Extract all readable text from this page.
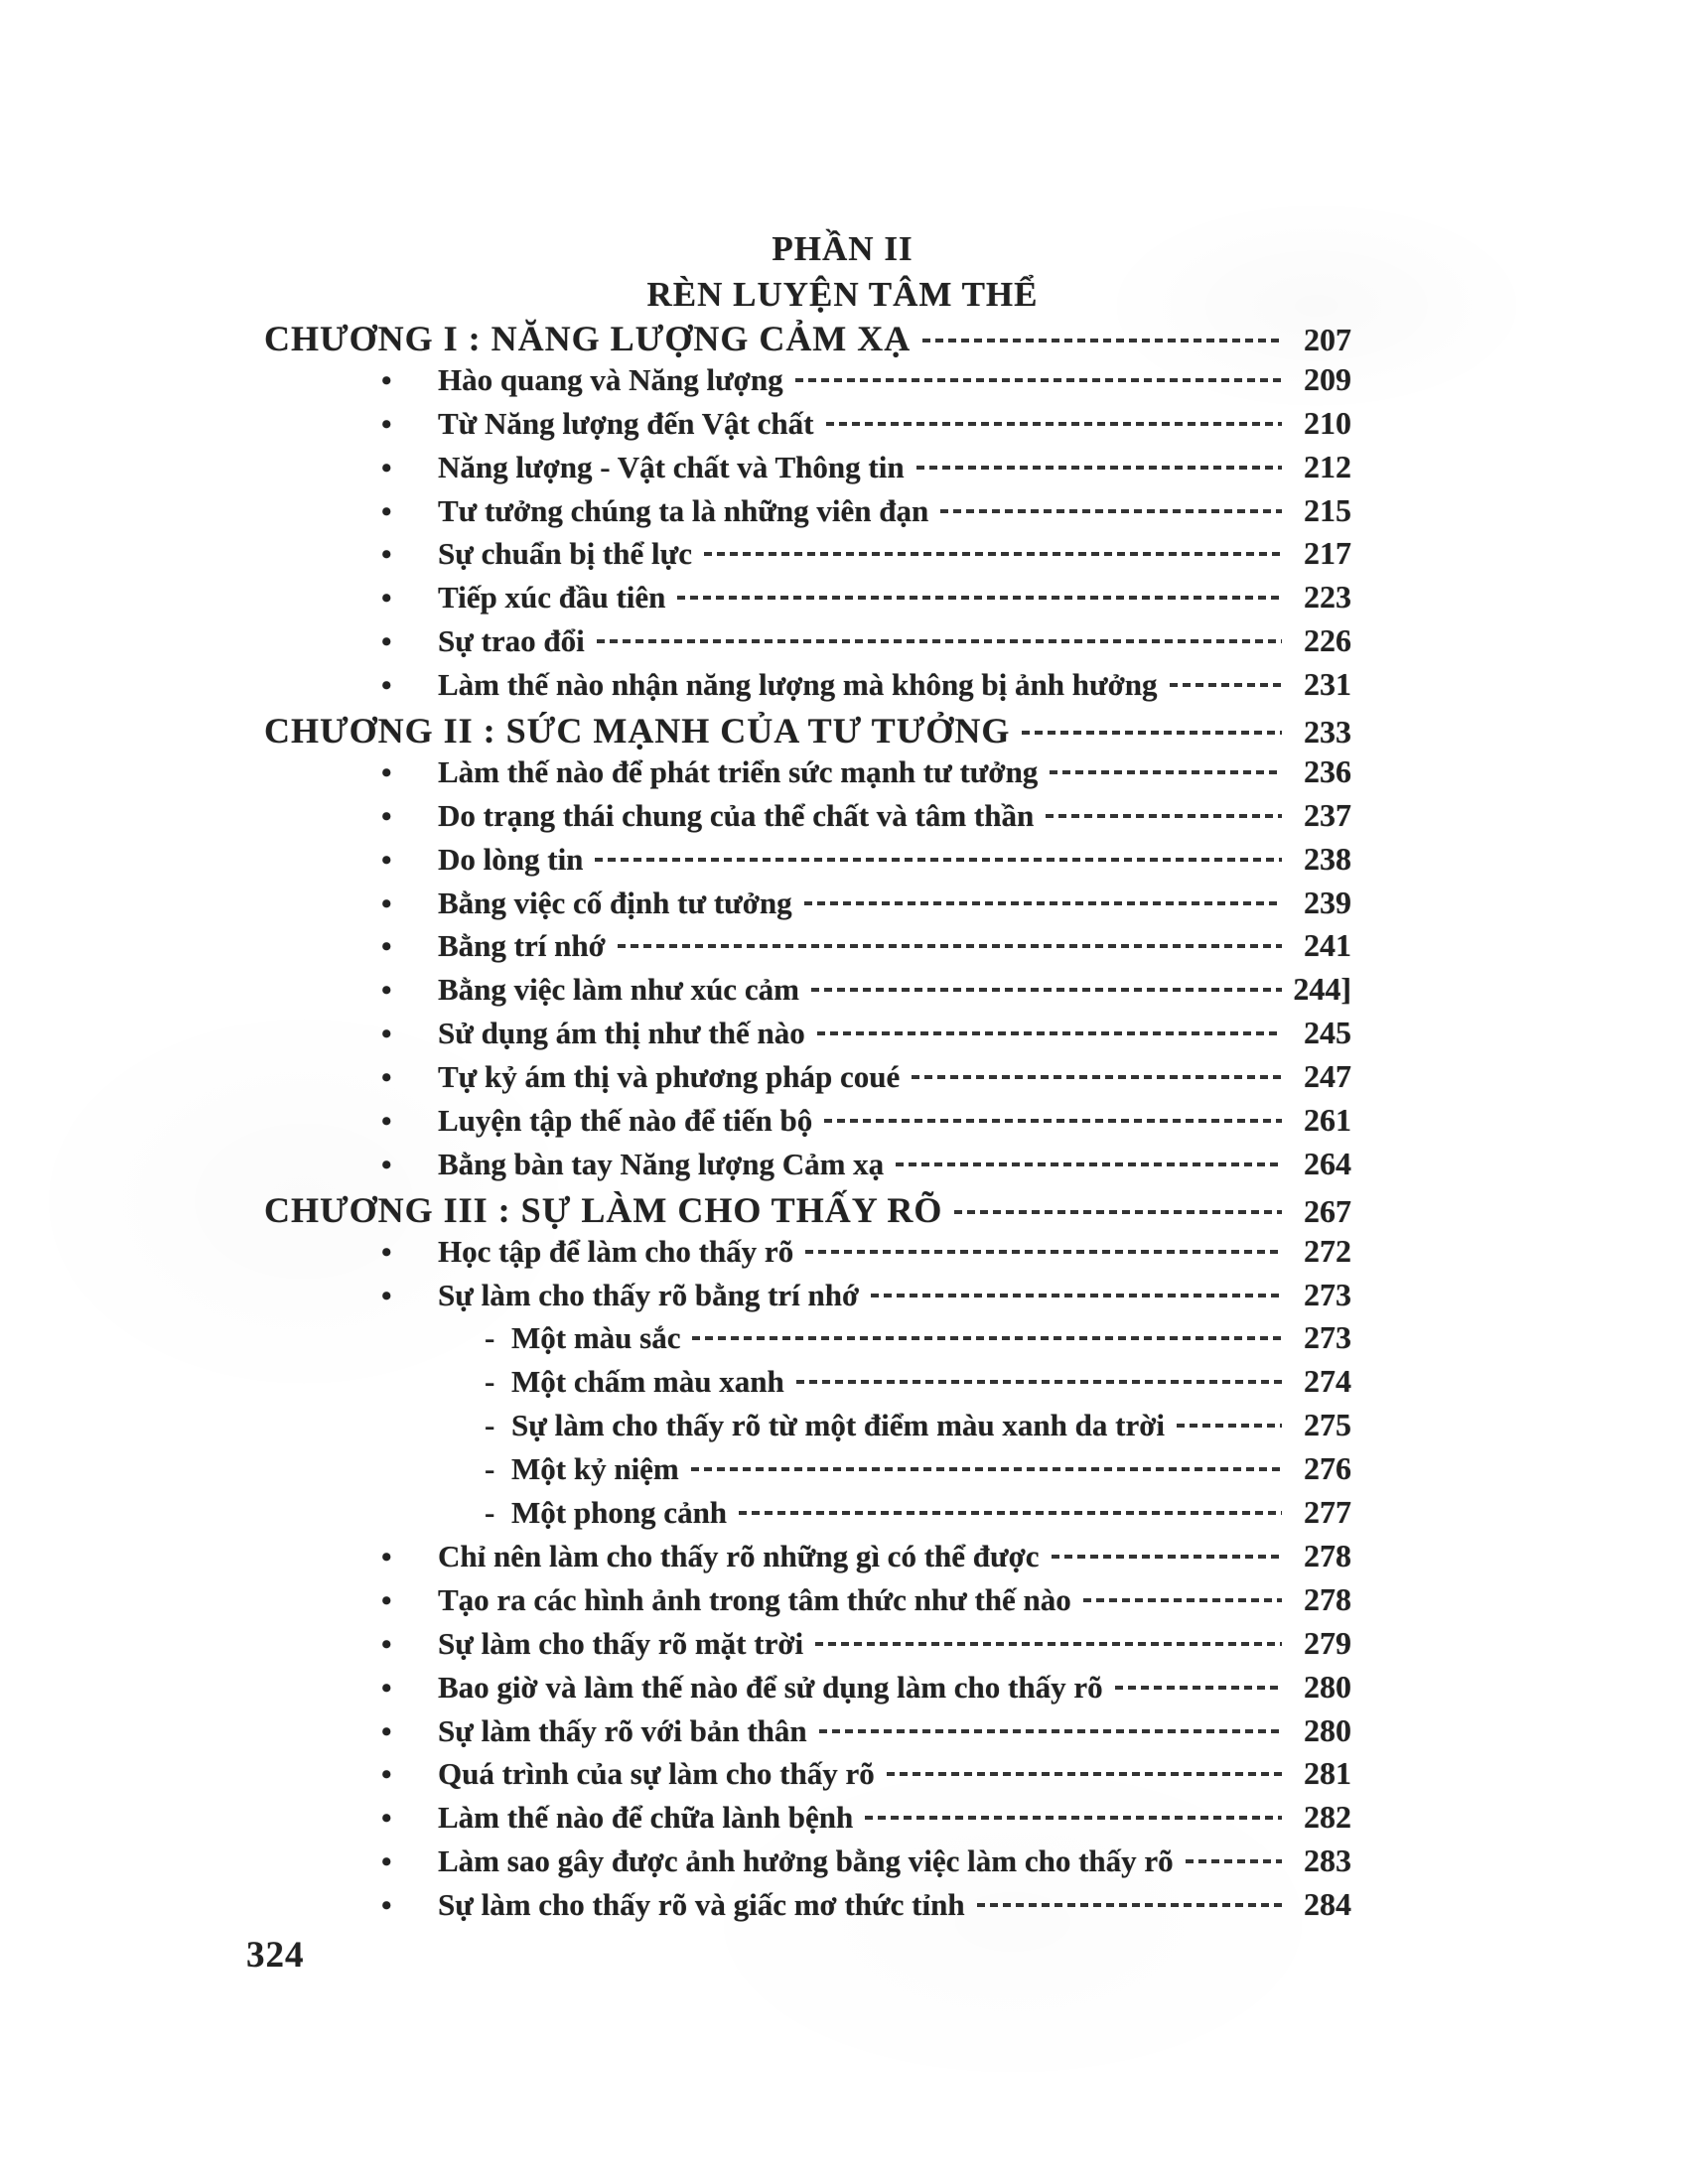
PHẦN II
RÈN LUYỆN TÂM THỂ
CHƯƠNG I : NĂNG LƯỢNG CẢM XẠ	207
•	Hào quang và Năng lượng	209
•	Từ Năng lượng đến Vật chất	210
•	Năng lượng - Vật chất và Thông tin	212
•	Tư tưởng chúng ta là những viên đạn	215
•	Sự chuẩn bị thể lực	217
•	Tiếp xúc đầu tiên	223
•	Sự trao đổi	226
•	Làm thế nào nhận năng lượng mà không bị ảnh hưởng	231
CHƯƠNG II : SỨC MẠNH CỦA TƯ TƯỞNG	233
•	Làm thế nào để phát triển sức mạnh tư tưởng	236
•	Do trạng thái chung của thể chất và tâm thần	237
•	Do lòng tin	238
•	Bằng việc cố định tư tưởng	239
•	Bằng trí nhớ	241
•	Bằng việc làm như xúc cảm	244]
•	Sử dụng ám thị như thế nào	245
•	Tự kỷ ám thị và phương pháp coué	247
•	Luyện tập thế nào để tiến bộ	261
•	Bằng bàn tay Năng lượng Cảm xạ	264
CHƯƠNG III : SỰ LÀM CHO THẤY RÕ	267
•	Học tập để làm cho thấy rõ	272
•	Sự làm cho thấy rõ bằng trí nhớ	273
- Một màu sắc	273
- Một chấm màu xanh	274
- Sự làm cho thấy rõ từ một điểm màu xanh da trời	275
- Một kỷ niệm	276
- Một phong cảnh	277
•	Chỉ nên làm cho thấy rõ những gì có thể được	278
•	Tạo ra các hình ảnh trong tâm thức như thế nào	278
•	Sự làm cho thấy rõ mặt trời	279
•	Bao giờ và làm thế nào để sử dụng làm cho thấy rõ	280
•	Sự làm thấy rõ với bản thân	280
•	Quá trình của sự làm cho thấy rõ	281
•	Làm thế nào để chữa lành bệnh	282
•	Làm sao gây được ảnh hưởng bằng việc làm cho thấy rõ	283
•	Sự làm cho thấy rõ và giấc mơ thức tỉnh	284
324
